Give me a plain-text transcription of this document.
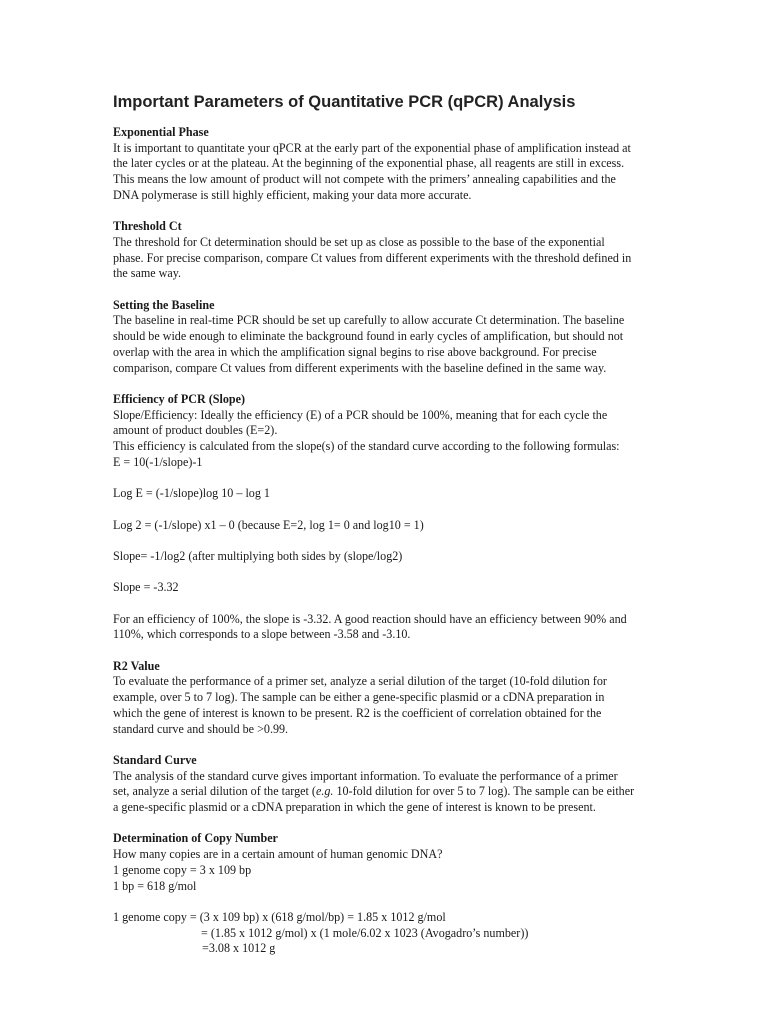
Important Parameters of Quantitative PCR (qPCR) Analysis
Exponential Phase
It is important to quantitate your qPCR at the early part of the exponential phase of amplification instead at
the later cycles or at the plateau. At the beginning of the exponential phase, all reagents are still in excess.
This means the low amount of product will not compete with the primers’ annealing capabilities and the
DNA polymerase is still highly efficient, making your data more accurate.
Threshold Ct
The threshold for Ct determination should be set up as close as possible to the base of the exponential
phase. For precise comparison, compare Ct values from different experiments with the threshold defined in
the same way.
Setting the Baseline
The baseline in real-time PCR should be set up carefully to allow accurate Ct determination. The baseline
should be wide enough to eliminate the background found in early cycles of amplification, but should not
overlap with the area in which the amplification signal begins to rise above background. For precise
comparison, compare Ct values from different experiments with the baseline defined in the same way.
Efficiency of PCR (Slope)
Slope/Efficiency: Ideally the efficiency (E) of a PCR should be 100%, meaning that for each cycle the
amount of product doubles (E=2).
This efficiency is calculated from the slope(s) of the standard curve according to the following formulas:
E = 10(-1/slope)-1
Log E = (-1/slope)log 10 – log 1
Log 2 = (-1/slope) x1 – 0 (because E=2, log 1= 0 and log10 = 1)
Slope= -1/log2 (after multiplying both sides by (slope/log2)
Slope = -3.32
For an efficiency of 100%, the slope is -3.32. A good reaction should have an efficiency between 90% and
110%, which corresponds to a slope between -3.58 and -3.10.
R2 Value
To evaluate the performance of a primer set, analyze a serial dilution of the target (10-fold dilution for
example, over 5 to 7 log). The sample can be either a gene-specific plasmid or a cDNA preparation in
which the gene of interest is known to be present. R2 is the coefficient of correlation obtained for the
standard curve and should be >0.99.
Standard Curve
The analysis of the standard curve gives important information. To evaluate the performance of a primer
set, analyze a serial dilution of the target (e.g. 10-fold dilution for over 5 to 7 log). The sample can be either
a gene-specific plasmid or a cDNA preparation in which the gene of interest is known to be present.
Determination of Copy Number
How many copies are in a certain amount of human genomic DNA?
1 genome copy = 3 x 109 bp
1 bp = 618 g/mol
1 genome copy = (3 x 109 bp) x (618 g/mol/bp) = 1.85 x 1012 g/mol
= (1.85 x 1012 g/mol) x (1 mole/6.02 x 1023 (Avogadro’s number))
=3.08 x 1012 g
